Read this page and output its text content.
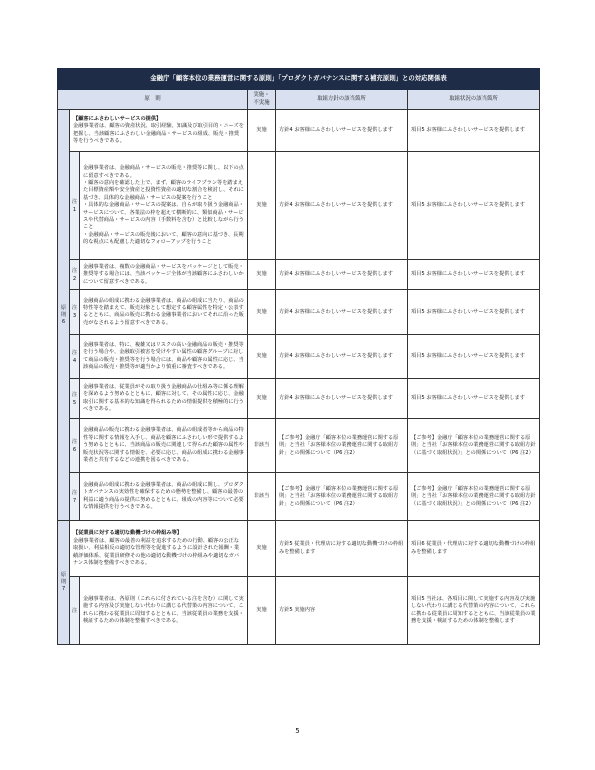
金融庁「顧客本位の業務運営に関する原則」「プロダクトガバナンスに関する補充原則」との対応関係表					
原　則			実施・不実施	取組方針の該当箇所	取組状況の該当箇所
原則6	【顧客にふさわしいサービスの提供】
金融事業者は、顧客の資産状況、取引経験、知識及び取引目的・ニーズを把握し、当該顧客にふさわしい金融商品・サービスの組成、販売・推奨等を行うべきである。		実施	方針4 お客様にふさわしいサービスを提供します	項目5 お客様にふさわしいサービスを提供します
	注1	金融事業者は、金融商品・サービスの販売・推奨等に関し、以下の点に留意すべきである。
・顧客の意向を確認した上で、まず、顧客のライフプラン等を踏まえた目標資産額や安全資産と投資性資産の適切な割合を検討し、それに基づき、具体的な金融商品・サービスの提案を行うこと
・具体的な金融商品・サービスの提案は、自らが取り扱う金融商品・サービスについて、各業法の枠を超えて横断的に、類似商品・サービスや代替商品・サービスの内容（手数料を含む）と比較しながら行うこと
・金融商品・サービスの販売後において、顧客の意向に基づき、長期的な視点にも配慮した適切なフォローアップを行うこと	実施	方針4 お客様にふさわしいサービスを提供します	項目5 お客様にふさわしいサービスを提供します
	注2	金融事業者は、複数の金融商品・サービスをパッケージとして販売・推奨等する場合には、当該パッケージ全体が当該顧客にふさわしいかについて留意すべきである。	実施	方針4 お客様にふさわしいサービスを提供します	項目5 お客様にふさわしいサービスを提供します
	注3	金融商品の組成に携わる金融事業者は、商品の組成に当たり、商品の特性等を踏まえて、販売対象として想定する顧客属性を特定・公表するとともに、商品の販売に携わる金融事業者においてそれに沿った販売がなされるよう留意すべきである。	実施	方針4 お客様にふさわしいサービスを提供します	項目5 お客様にふさわしいサービスを提供します
	注4	金融事業者は、特に、複雑又はリスクの高い金融商品の販売・推奨等を行う場合や、金融取引被害を受けやすい属性の顧客グループに対して商品の販売・推奨等を行う場合には、商品や顧客の属性に応じ、当該商品の販売・推奨等が適当かより慎重に審査すべきである。	実施	方針4 お客様にふさわしいサービスを提供します	項目5 お客様にふさわしいサービスを提供します
	注5	金融事業者は、従業員がその取り扱う金融商品の仕組み等に係る理解を深めるよう努めるとともに、顧客に対して、その属性に応じ、金融取引に関する基本的な知識を得られるための情報提供を積極的に行うべきである。	実施	方針4 お客様にふさわしいサービスを提供します	項目5 お客様にふさわしいサービスを提供します
	注6	金融商品の販売に携わる金融事業者は、商品の組成者等から商品の特性等に関する情報を入手し、商品を顧客にふさわしい形で提供するよう努めるとともに、当該商品の販売に関連して得られた顧客の属性や販売状況等に関する情報を、必要に応じ、商品の組成に携わる金融事業者と共有するなどの連携を図るべきである。	非該当	【ご参考】金融庁「顧客本位の業務運営に関する原則」と当社「お客様本位の業務運営に関する取組方針」との関係について（P6 注2）	【ご参考】金融庁「顧客本位の業務運営に関する原則」と当社「お客様本位の業務運営に関する取組方針（に基づく取組状況）」との関係について（P6 注2）
	注7	金融商品の組成に携わる金融事業者は、商品の組成に関し、プロダクトガバナンスの実効性を確保するための態勢を整備し、顧客の最善の利益に適う商品の提供に努めるとともに、組成の内容等について必要な情報提供を行うべきである。	非該当	【ご参考】金融庁「顧客本位の業務運営に関する原則」と当社「お客様本位の業務運営に関する取組方針」との関係について（P6 注2）	【ご参考】金融庁「顧客本位の業務運営に関する原則」と当社「お客様本位の業務運営に関する取組方針（に基づく取組状況）」との関係について（P6 注2）
原則7	【従業員に対する適切な動機づけの枠組み等】
金融事業者は、顧客の最善の利益を追求するための行動、顧客の公正な取扱い、利益相反の適切な管理等を促進するように設計された報酬・業績評価体系、従業員研修その他の適切な動機づけの枠組みや適切なガバナンス体制を整備すべきである。		実施	方針5 従業員・代理店に対する適切な動機づけの枠組みを整備します	項目6 従業員・代理店に対する適切な動機づけの枠組みを整備します
	注	金融事業者は、各原則（これらに付されている注を含む）に関して実施する内容及び実施しない代わりに講じる代替策の内容について、これらに携わる従業員に周知するとともに、当該従業員の業務を支援・検証するための体制を整備すべきである。	実施	方針5 実施内容	項目5 当社は、各項目に関して実施する内容及び実施しない代わりに講じる代替策の内容について、これらに携わる従業員に周知するとともに、当該従業員の業務を支援・検証するための体制を整備します
5
